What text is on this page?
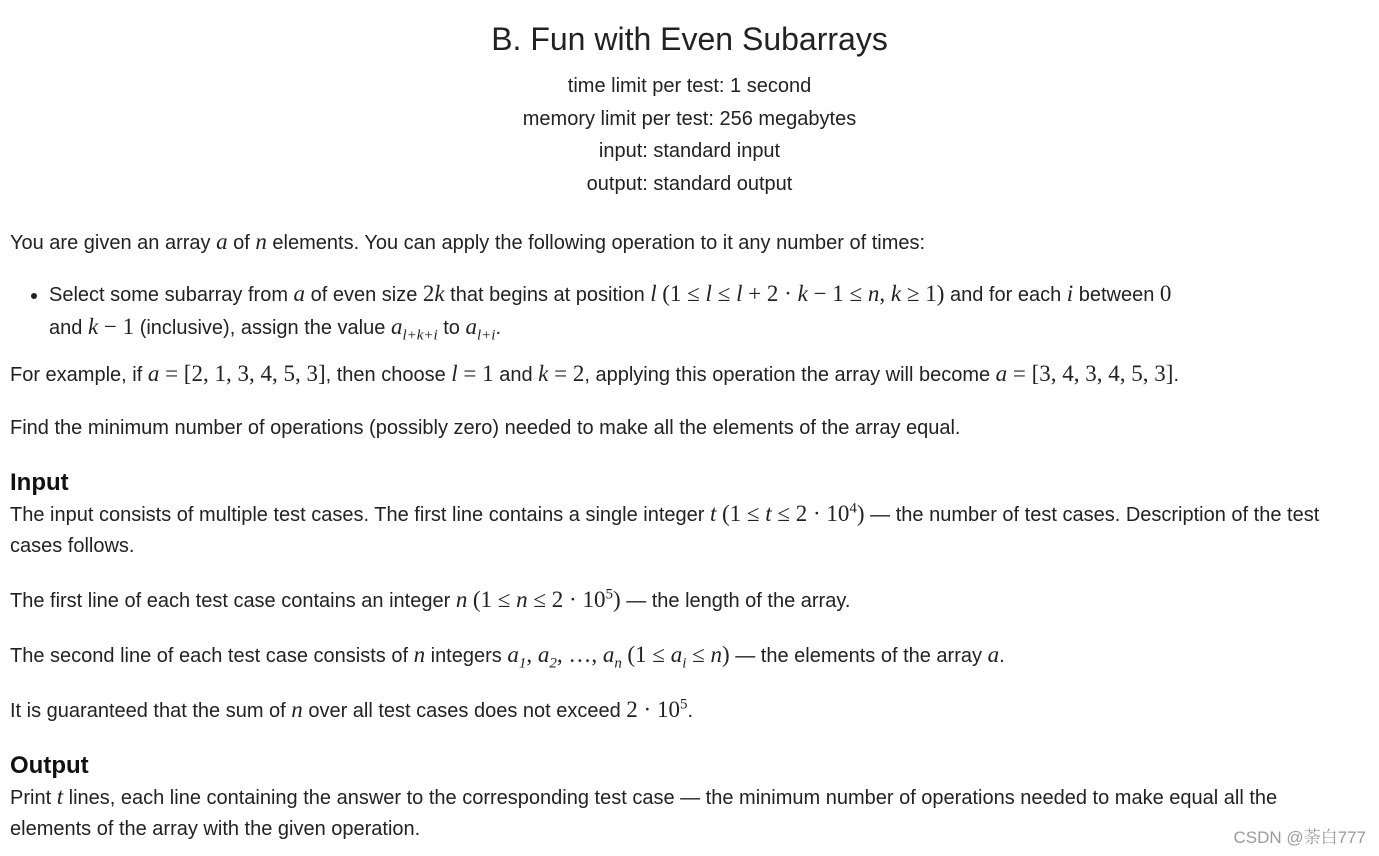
B. Fun with Even Subarrays
time limit per test: 1 second
memory limit per test: 256 megabytes
input: standard input
output: standard output

You are given an array a of n elements. You can apply the following operation to it any number of times:

• Select some subarray from a of even size 2k that begins at position l (1 ≤ l ≤ l + 2 · k − 1 ≤ n, k ≥ 1) and for each i between 0
and k − 1 (inclusive), assign the value $a_{l+k+i}$ to $a_{l+i}$.

For example, if a = [2, 1, 3, 4, 5, 3], then choose l = 1 and k = 2, applying this operation the array will become a = [3, 4, 3, 4, 5, 3].

Find the minimum number of operations (possibly zero) needed to make all the elements of the array equal.

Input

The input consists of multiple test cases. The first line contains a single integer t $(1 \le t \le 2 \cdot 10^4)$ — the number of test cases. Description of the test cases follows.

The first line of each test case contains an integer n $(1 \le n \le 2 \cdot 10^5)$ — the length of the array.

The second line of each test case consists of n integers $a_1$, $a_2$, …, $a_n$ $(1 \le a_i \le n)$ — the elements of the array a.

It is guaranteed that the sum of n over all test cases does not exceed $2 \cdot 10^5$.

Output

Print t lines, each line containing the answer to the corresponding test case — the minimum number of operations needed to make equal all the elements of the array with the given operation.	CSDN @荼白777
